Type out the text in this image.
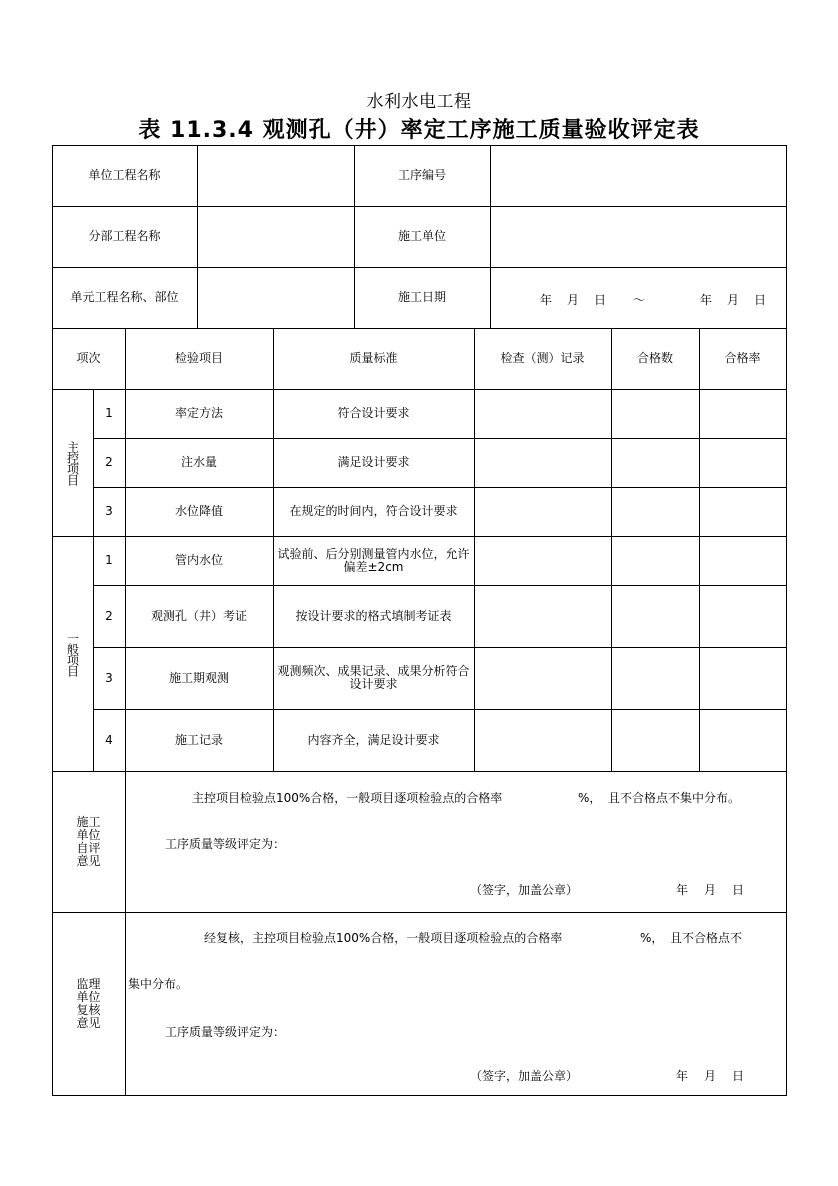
水利水电工程
表 11.3.4 观测孔（井）率定工序施工质量验收评定表
单位工程名称	工序编号
分部工程名称	施工单位
单元工程名称、部位	施工日期	年 月 日 ～	年 月 日
项次	检验项目	质量标准	检查（测）记录	合格数	合格率
主控项目
1	率定方法	符合设计要求
2	注水量	满足设计要求
3	水位降值	在规定的时间内，符合设计要求
一般项目
1	管内水位	试验前、后分别测量管内水位，允许偏差±2cm
2	观测孔（井）考证	按设计要求的格式填制考证表
3	施工期观测	观测频次、成果记录、成果分析符合设计要求
4	施工记录	内容齐全，满足设计要求
施工单位自评意见
主控项目检验点100%合格，一般项目逐项检验点的合格率	%， 且不合格点不集中分布。
工序质量等级评定为：
（签字，加盖公章）	年　月　日
监理单位复核意见
经复核，主控项目检验点100%合格，一般项目逐项检验点的合格率	%， 且不合格点不
集中分布。
工序质量等级评定为：
（签字，加盖公章）	年　月　日
